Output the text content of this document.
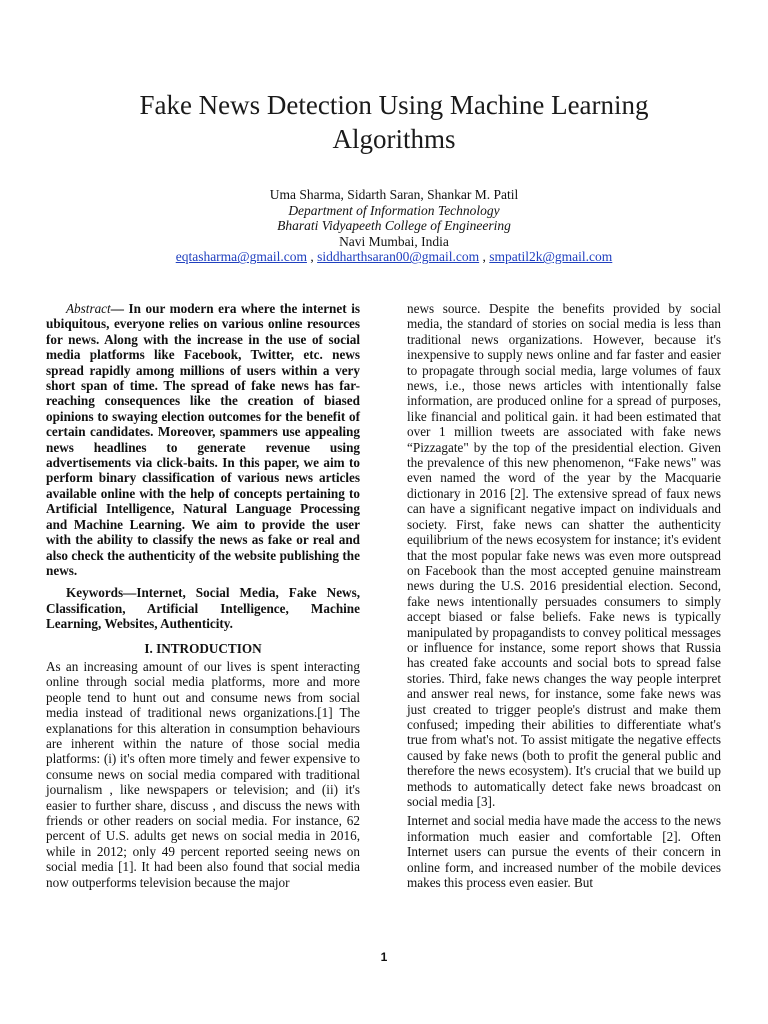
Fake News Detection Using Machine Learning
Algorithms
Uma Sharma, Sidarth Saran, Shankar M. Patil
Department of Information Technology
Bharati Vidyapeeth College of Engineering
Navi Mumbai, India
eqtasharma@gmail.com , siddharthsaran00@gmail.com , smpatil2k@gmail.com

Abstract— In our modern era where the internet is ubiquitous, everyone relies on various online resources for news. Along with the increase in the use of social media platforms like Facebook, Twitter, etc. news spread rapidly among millions of users within a very short span of time. The spread of fake news has far-reaching consequences like the creation of biased opinions to swaying election outcomes for the benefit of certain candidates. Moreover, spammers use appealing news headlines to generate revenue using advertisements via click-baits. In this paper, we aim to perform binary classification of various news articles available online with the help of concepts pertaining to Artificial Intelligence, Natural Language Processing and Machine Learning. We aim to provide the user with the ability to classify the news as fake or real and also check the authenticity of the website publishing the news.

Keywords—Internet, Social Media, Fake News, Classification, Artificial Intelligence, Machine Learning, Websites, Authenticity.

I. INTRODUCTION

As an increasing amount of our lives is spent interacting online through social media platforms, more and more people tend to hunt out and consume news from social media instead of traditional news organizations.[1] The explanations for this alteration in consumption behaviours are inherent within the nature of those social media platforms: (i) it's often more timely and fewer expensive to consume news on social media compared with traditional journalism , like newspapers or television; and (ii) it's easier to further share, discuss , and discuss the news with friends or other readers on social media. For instance, 62 percent of U.S. adults get news on social media in 2016, while in 2012; only 49 percent reported seeing news on social media [1]. It had been also found that social media now outperforms television because the major

news source. Despite the benefits provided by social media, the standard of stories on social media is less than traditional news organizations. However, because it's inexpensive to supply news online and far faster and easier to propagate through social media, large volumes of faux news, i.e., those news articles with intentionally false information, are produced online for a spread of purposes, like financial and political gain. it had been estimated that over 1 million tweets are associated with fake news “Pizzagate" by the top of the presidential election. Given the prevalence of this new phenomenon, “Fake news" was even named the word of the year by the Macquarie dictionary in 2016 [2]. The extensive spread of faux news can have a significant negative impact on individuals and society. First, fake news can shatter the authenticity equilibrium of the news ecosystem for instance; it's evident that the most popular fake news was even more outspread on Facebook than the most accepted genuine mainstream news during the U.S. 2016 presidential election. Second, fake news intentionally persuades consumers to simply accept biased or false beliefs. Fake news is typically manipulated by propagandists to convey political messages or influence for instance, some report shows that Russia has created fake accounts and social bots to spread false stories. Third, fake news changes the way people interpret and answer real news, for instance, some fake news was just created to trigger people's distrust and make them confused; impeding their abilities to differentiate what's true from what's not. To assist mitigate the negative effects caused by fake news (both to profit the general public and therefore the news ecosystem). It's crucial that we build up methods to automatically detect fake news broadcast on social media [3].

Internet and social media have made the access to the news information much easier and comfortable [2]. Often Internet users can pursue the events of their concern in online form, and increased number of the mobile devices makes this process even easier. But

1
